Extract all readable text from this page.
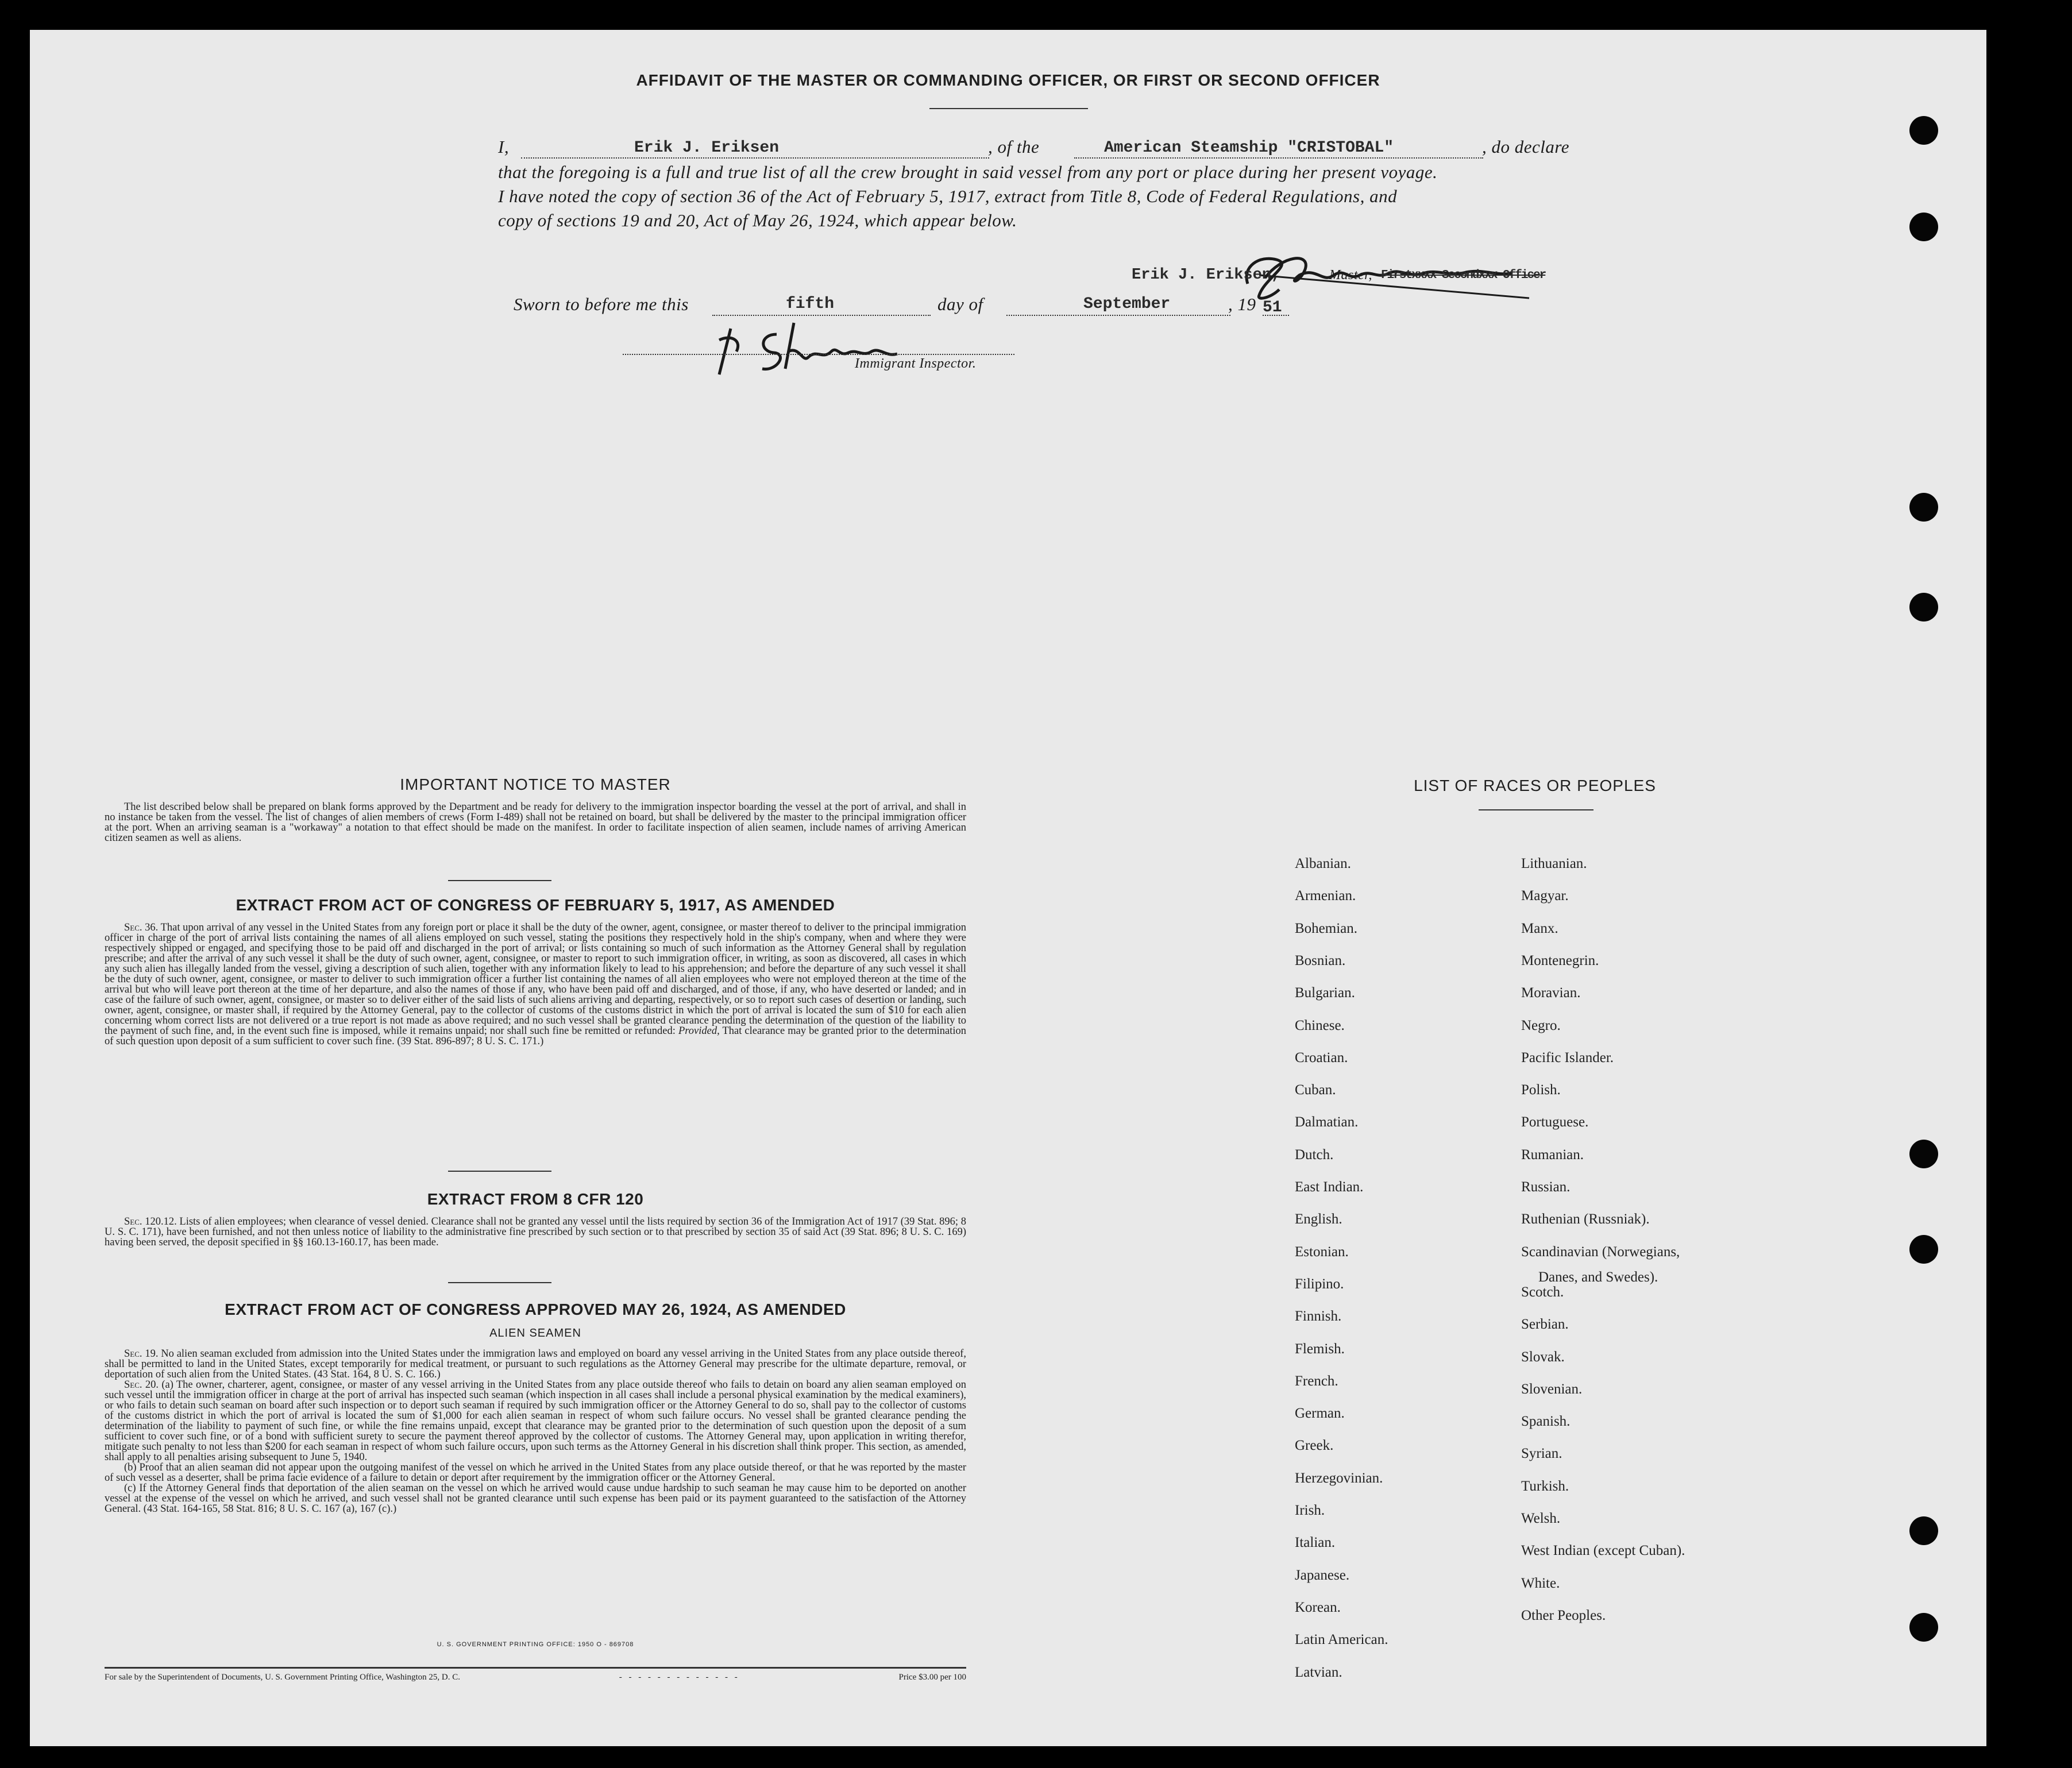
AFFIDAVIT OF THE MASTER OR COMMANDING OFFICER, OR FIRST OR SECOND OFFICER
I,	Erik J. Eriksen	, of the	American Steamship "CRISTOBAL"	, do declare
that the foregoing is a full and true list of all the crew brought in said vessel from any port or place during her present voyage.
I have noted the copy of section 36 of the Act of February 5, 1917, extract from Title 8, Code of Federal Regulations, and
copy of sections 19 and 20, Act of May 26, 1924, which appear below.
Erik J. Eriksen,	Master, Firstxxxx Secondxxx Officer
Sworn to before me this	fifth	day of	September	, 19 51
Immigrant Inspector.
IMPORTANT NOTICE TO MASTER

The list described below shall be prepared on blank forms approved by the Department and be ready for delivery to the immigration inspector boarding the vessel at the port of arrival, and shall in no instance be taken from the vessel. The list of changes of alien members of crews (Form I-489) shall not be retained on board, but shall be delivered by the master to the principal immigration officer at the port. When an arriving seaman is a "workaway" a notation to that effect should be made on the manifest. In order to facilitate inspection of alien seamen, include names of arriving American citizen seamen as well as aliens.

EXTRACT FROM ACT OF CONGRESS OF FEBRUARY 5, 1917, AS AMENDED

Sec. 36. That upon arrival of any vessel in the United States from any foreign port or place it shall be the duty of the owner, agent, consignee, or master thereof to deliver to the principal immigration officer in charge of the port of arrival lists containing the names of all aliens employed on such vessel, stating the positions they respectively hold in the ship's company, when and where they were respectively shipped or engaged, and specifying those to be paid off and discharged in the port of arrival; or lists containing so much of such information as the Attorney General shall by regulation prescribe; and after the arrival of any such vessel it shall be the duty of such owner, agent, consignee, or master to report to such immigration officer, in writing, as soon as discovered, all cases in which any such alien has illegally landed from the vessel, giving a description of such alien, together with any information likely to lead to his apprehension; and before the departure of any such vessel it shall be the duty of such owner, agent, consignee, or master to deliver to such immigration officer a further list containing the names of all alien employees who were not employed thereon at the time of the arrival but who will leave port thereon at the time of her departure, and also the names of those if any, who have been paid off and discharged, and of those, if any, who have deserted or landed; and in case of the failure of such owner, agent, consignee, or master so to deliver either of the said lists of such aliens arriving and departing, respectively, or so to report such cases of desertion or landing, such owner, agent, consignee, or master shall, if required by the Attorney General, pay to the collector of customs of the customs district in which the port of arrival is located the sum of $10 for each alien concerning whom correct lists are not delivered or a true report is not made as above required; and no such vessel shall be granted clearance pending the determination of the question of the liability to the payment of such fine, and, in the event such fine is imposed, while it remains unpaid; nor shall such fine be remitted or refunded: Provided, That clearance may be granted prior to the determination of such question upon deposit of a sum sufficient to cover such fine. (39 Stat. 896-897; 8 U. S. C. 171.)

EXTRACT FROM 8 CFR 120

Sec. 120.12. Lists of alien employees; when clearance of vessel denied. Clearance shall not be granted any vessel until the lists required by section 36 of the Immigration Act of 1917 (39 Stat. 896; 8 U. S. C. 171), have been furnished, and not then unless notice of liability to the administrative fine prescribed by such section or to that prescribed by section 35 of said Act (39 Stat. 896; 8 U. S. C. 169) having been served, the deposit specified in §§ 160.13-160.17, has been made.

EXTRACT FROM ACT OF CONGRESS APPROVED MAY 26, 1924, AS AMENDED
ALIEN SEAMEN

Sec. 19. No alien seaman excluded from admission into the United States under the immigration laws and employed on board any vessel arriving in the United States from any place outside thereof, shall be permitted to land in the United States, except temporarily for medical treatment, or pursuant to such regulations as the Attorney General may prescribe for the ultimate departure, removal, or deportation of such alien from the United States. (43 Stat. 164, 8 U. S. C. 166.)

Sec. 20. (a) The owner, charterer, agent, consignee, or master of any vessel arriving in the United States from any place outside thereof who fails to detain on board any alien seaman employed on such vessel until the immigration officer in charge at the port of arrival has inspected such seaman (which inspection in all cases shall include a personal physical examination by the medical examiners), or who fails to detain such seaman on board after such inspection or to deport such seaman if required by such immigration officer or the Attorney General to do so, shall pay to the collector of customs of the customs district in which the port of arrival is located the sum of $1,000 for each alien seaman in respect of whom such failure occurs. No vessel shall be granted clearance pending the determination of the liability to payment of such fine, or while the fine remains unpaid, except that clearance may be granted prior to the determination of such question upon the deposit of a sum sufficient to cover such fine, or of a bond with sufficient surety to secure the payment thereof approved by the collector of customs. The Attorney General may, upon application in writing therefor, mitigate such penalty to not less than $200 for each seaman in respect of whom such failure occurs, upon such terms as the Attorney General in his discretion shall think proper. This section, as amended, shall apply to all penalties arising subsequent to June 5, 1940.

(b) Proof that an alien seaman did not appear upon the outgoing manifest of the vessel on which he arrived in the United States from any place outside thereof, or that he was reported by the master of such vessel as a deserter, shall be prima facie evidence of a failure to detain or deport after requirement by the immigration officer or the Attorney General.

(c) If the Attorney General finds that deportation of the alien seaman on the vessel on which he arrived would cause undue hardship to such seaman he may cause him to be deported on another vessel at the expense of the vessel on which he arrived, and such vessel shall not be granted clearance until such expense has been paid or its payment guaranteed to the satisfaction of the Attorney General. (43 Stat. 164-165, 58 Stat. 816; 8 U. S. C. 167 (a), 167 (c).)

U. S. GOVERNMENT PRINTING OFFICE: 1950 O - 869708
For sale by the Superintendent of Documents, U. S. Government Printing Office, Washington 25, D. C.	- - - - - - - - - - - - -	Price $3.00 per 100
LIST OF RACES OR PEOPLES
Albanian.
Armenian.
Bohemian.
Bosnian.
Bulgarian.
Chinese.
Croatian.
Cuban.
Dalmatian.
Dutch.
East Indian.
English.
Estonian.
Filipino.
Finnish.
Flemish.
French.
German.
Greek.
Herzegovinian.
Irish.
Italian.
Japanese.
Korean.
Latin American.
Latvian.
Lithuanian.
Magyar.
Manx.
Montenegrin.
Moravian.
Negro.
Pacific Islander.
Polish.
Portuguese.
Rumanian.
Russian.
Ruthenian (Russniak).
Scandinavian (Norwegians,
Danes, and Swedes).
Scotch.
Serbian.
Slovak.
Slovenian.
Spanish.
Syrian.
Turkish.
Welsh.
West Indian (except Cuban).
White.
Other Peoples.
